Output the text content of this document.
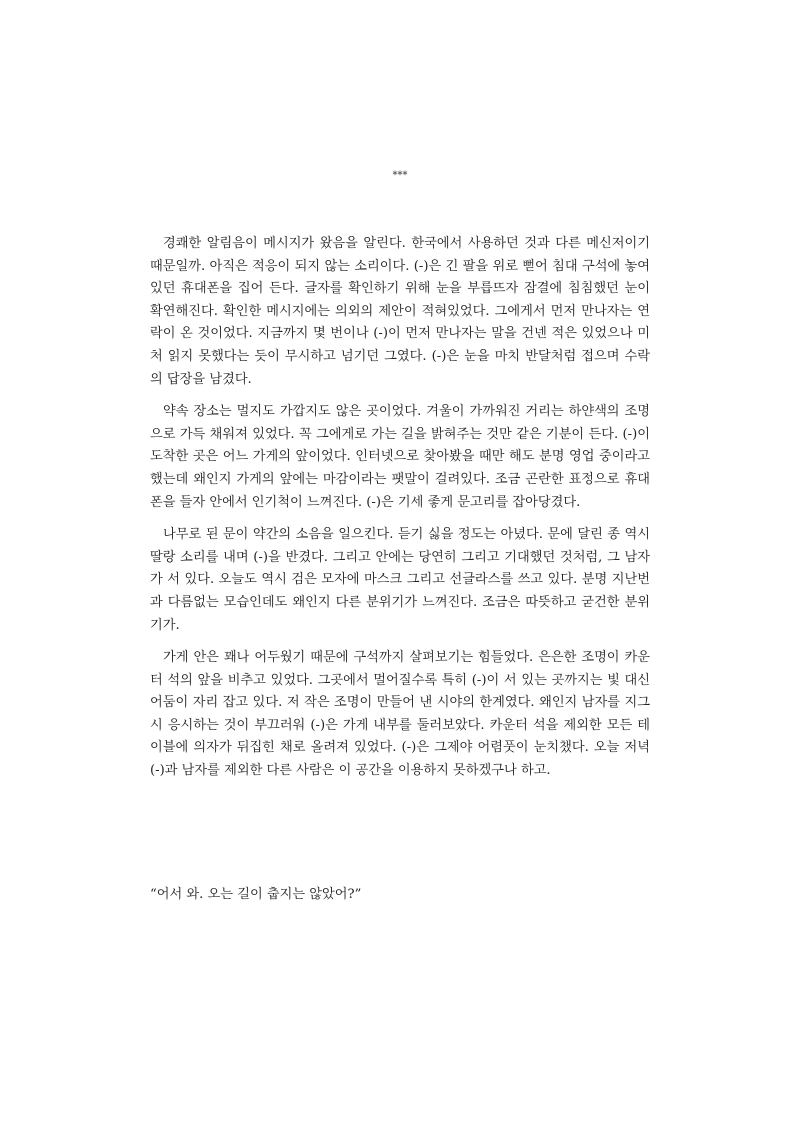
***

경쾌한 알림음이 메시지가 왔음을 알린다. 한국에서 사용하던 것과 다른 메신저이기 때문일까. 아직은 적응이 되지 않는 소리이다. (-)은 긴 팔을 위로 뻗어 침대 구석에 놓여있던 휴대폰을 집어 든다. 글자를 확인하기 위해 눈을 부릅뜨자 잠결에 침침했던 눈이 확연해진다. 확인한 메시지에는 의외의 제안이 적혀있었다. 그에게서 먼저 만나자는 연락이 온 것이었다. 지금까지 몇 번이나 (-)이 먼저 만나자는 말을 건넨 적은 있었으나 미처 읽지 못했다는 듯이 무시하고 넘기던 그였다. (-)은 눈을 마치 반달처럼 접으며 수락의 답장을 남겼다.

약속 장소는 멀지도 가깝지도 않은 곳이었다. 겨울이 가까워진 거리는 하얀색의 조명으로 가득 채워져 있었다. 꼭 그에게로 가는 길을 밝혀주는 것만 같은 기분이 든다. (-)이 도착한 곳은 어느 가게의 앞이었다. 인터넷으로 찾아봤을 때만 해도 분명 영업 중이라고 했는데 왜인지 가게의 앞에는 마감이라는 팻말이 걸려있다. 조금 곤란한 표정으로 휴대폰을 들자 안에서 인기척이 느껴진다. (-)은 기세 좋게 문고리를 잡아당겼다.

나무로 된 문이 약간의 소음을 일으킨다. 듣기 싫을 정도는 아녔다. 문에 달린 종 역시 딸랑 소리를 내며 (-)을 반겼다. 그리고 안에는 당연히 그리고 기대했던 것처럼, 그 남자가 서 있다. 오늘도 역시 검은 모자에 마스크 그리고 선글라스를 쓰고 있다. 분명 지난번과 다름없는 모습인데도 왜인지 다른 분위기가 느껴진다. 조금은 따뜻하고 굳건한 분위기가.

가게 안은 꽤나 어두웠기 때문에 구석까지 살펴보기는 힘들었다. 은은한 조명이 카운터 석의 앞을 비추고 있었다. 그곳에서 멀어질수록 특히 (-)이 서 있는 곳까지는 빛 대신 어둠이 자리 잡고 있다. 저 작은 조명이 만들어 낸 시야의 한계였다. 왜인지 남자를 지그시 응시하는 것이 부끄러워 (-)은 가게 내부를 둘러보았다. 카운터 석을 제외한 모든 테이블에 의자가 뒤집힌 채로 올려져 있었다. (-)은 그제야 어렴풋이 눈치챘다. 오늘 저녁 (-)과 남자를 제외한 다른 사람은 이 공간을 이용하지 못하겠구나 하고.

“어서 와. 오는 길이 춥지는 않았어?”
